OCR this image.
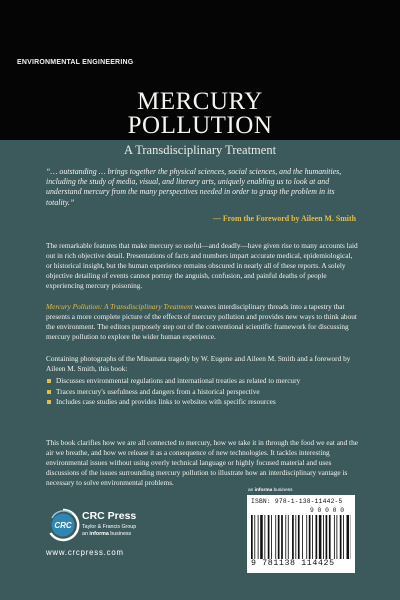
ENVIRONMENTAL ENGINEERING
MERCURY
POLLUTION
A Transdisciplinary Treatment
“… outstanding … brings together the physical sciences, social sciences, and the humanities, including the study of media, visual, and literary arts, uniquely enabling us to look at and understand mercury from the many perspectives needed in order to grasp the problem in its totality.”
— From the Foreword by Aileen M. Smith
The remarkable features that make mercury so useful—and deadly—have given rise to many accounts laid out in rich objective detail. Presentations of facts and numbers impart accurate medical, epidemiological, or historical insight, but the human experience remains obscured in nearly all of these reports. A solely objective detailing of events cannot portray the anguish, confusion, and painful deaths of people experiencing mercury poisoning.
Mercury Pollution: A Transdisciplinary Treatment weaves interdisciplinary threads into a tapestry that presents a more complete picture of the effects of mercury pollution and provides new ways to think about the environment. The editors purposely step out of the conventional scientific framework for discussing mercury pollution to explore the wider human experience.
Containing photographs of the Minamata tragedy by W. Eugene and Aileen M. Smith and a foreword by Aileen M. Smith, this book:
Discusses environmental regulations and international treaties as related to mercury
Traces mercury's usefulness and dangers from a historical perspective
Includes case studies and provides links to websites with specific resources
This book clarifies how we are all connected to mercury, how we take it in through the food we eat and the air we breathe, and how we release it as a consequence of new technologies. It tackles interesting environmental issues without using overly technical language or highly focused material and uses discussions of the issues surrounding mercury pollution to illustrate how an interdisciplinary vantage is necessary to solve environmental problems.
CRC
CRC Press
Taylor & Francis Group
an informa business
www.crcpress.com
an informa business
ISBN: 978-1-138-11442-5
9 0 0 0 0
9 781138 114425
